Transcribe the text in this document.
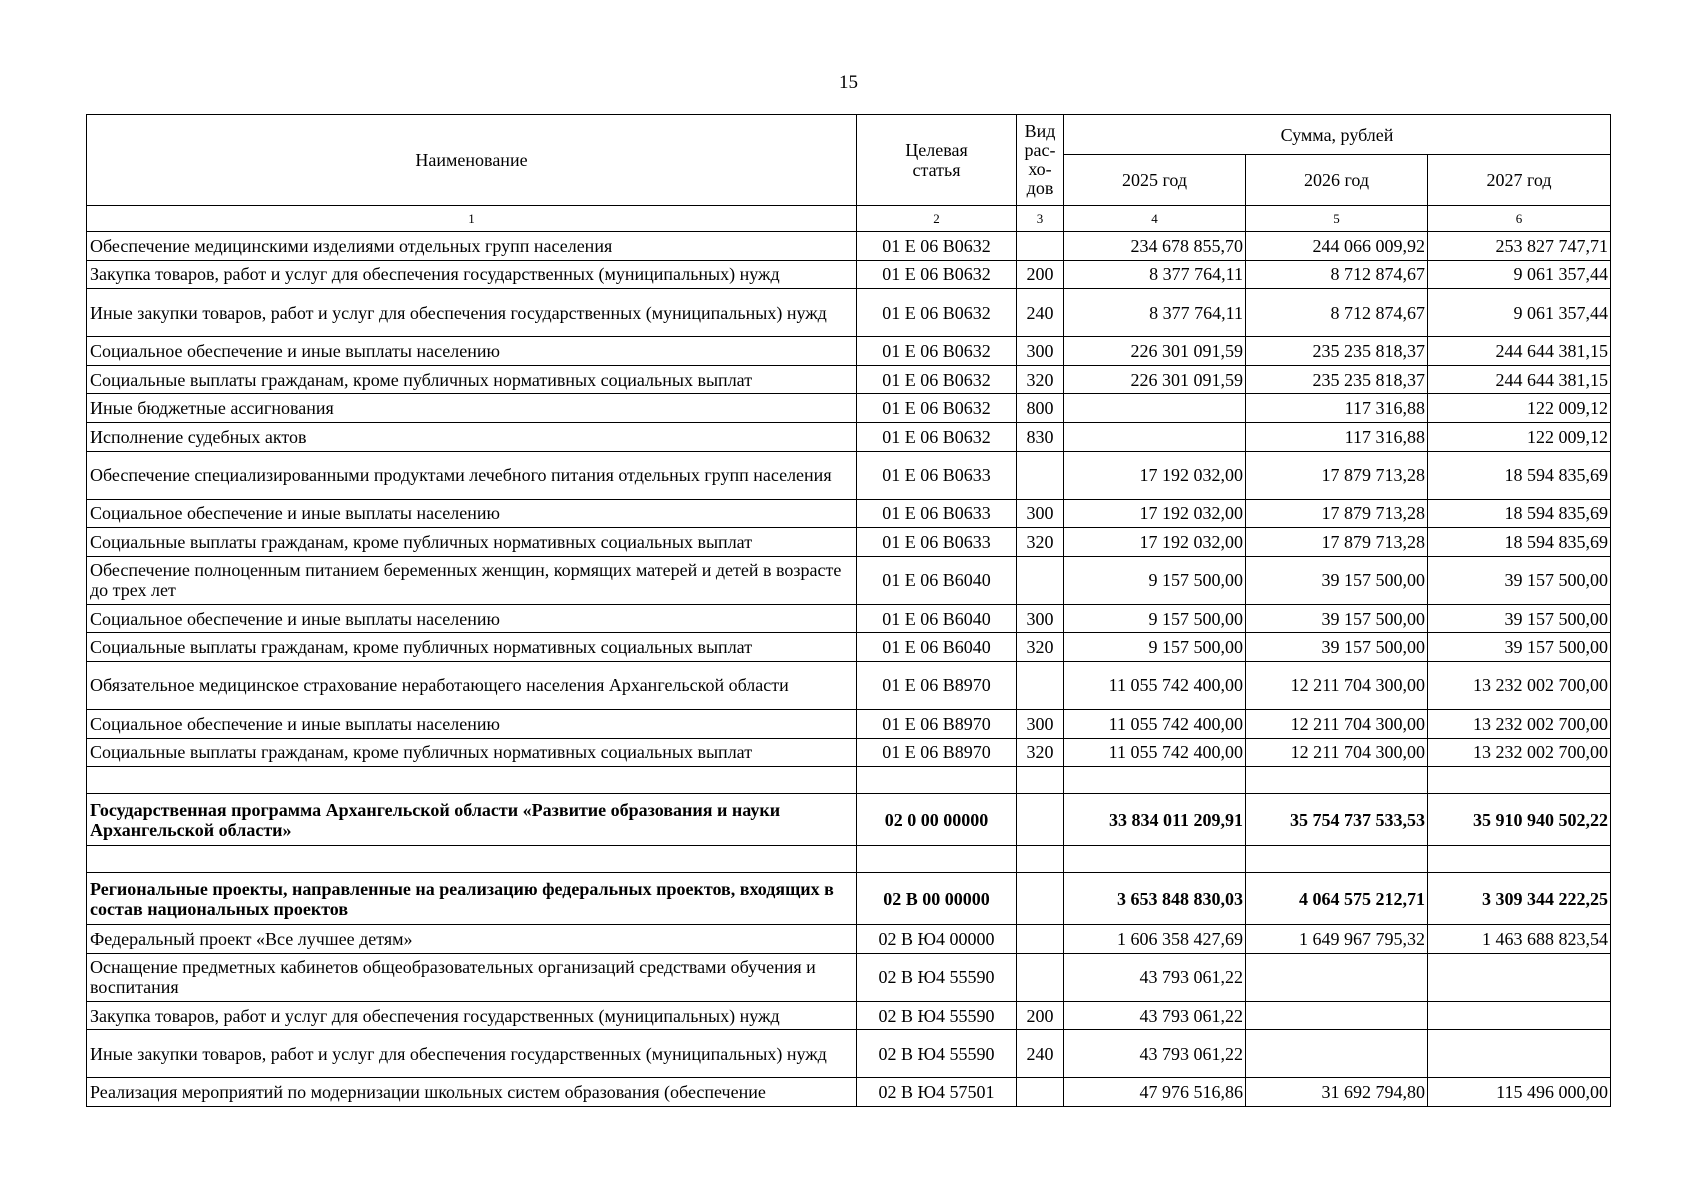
15
Наименование	Целевая статья	Вид рас-хо-дов	Сумма, рублей		
			2025 год	2026 год	2027 год
1	2	3	4	5	6
Обеспечение медицинскими изделиями отдельных групп населения	01 Е 06 В0632		234 678 855,70	244 066 009,92	253 827 747,71
Закупка товаров, работ и услуг для обеспечения государственных (муниципальных) нужд	01 Е 06 В0632	200	8 377 764,11	8 712 874,67	9 061 357,44
Иные закупки товаров, работ и услуг для обеспечения государственных (муниципальных) нужд	01 Е 06 В0632	240	8 377 764,11	8 712 874,67	9 061 357,44
Социальное обеспечение и иные выплаты населению	01 Е 06 В0632	300	226 301 091,59	235 235 818,37	244 644 381,15
Социальные выплаты гражданам, кроме публичных нормативных социальных выплат	01 Е 06 В0632	320	226 301 091,59	235 235 818,37	244 644 381,15
Иные бюджетные ассигнования	01 Е 06 В0632	800		117 316,88	122 009,12
Исполнение судебных актов	01 Е 06 В0632	830		117 316,88	122 009,12
Обеспечение специализированными продуктами лечебного питания отдельных групп населения	01 Е 06 В0633		17 192 032,00	17 879 713,28	18 594 835,69
Социальное обеспечение и иные выплаты населению	01 Е 06 В0633	300	17 192 032,00	17 879 713,28	18 594 835,69
Социальные выплаты гражданам, кроме публичных нормативных социальных выплат	01 Е 06 В0633	320	17 192 032,00	17 879 713,28	18 594 835,69
Обеспечение полноценным питанием беременных женщин, кормящих матерей и детей в возрасте до трех лет	01 Е 06 В6040		9 157 500,00	39 157 500,00	39 157 500,00
Социальное обеспечение и иные выплаты населению	01 Е 06 В6040	300	9 157 500,00	39 157 500,00	39 157 500,00
Социальные выплаты гражданам, кроме публичных нормативных социальных выплат	01 Е 06 В6040	320	9 157 500,00	39 157 500,00	39 157 500,00
Обязательное медицинское страхование неработающего населения Архангельской области	01 Е 06 В8970		11 055 742 400,00	12 211 704 300,00	13 232 002 700,00
Социальное обеспечение и иные выплаты населению	01 Е 06 В8970	300	11 055 742 400,00	12 211 704 300,00	13 232 002 700,00
Социальные выплаты гражданам, кроме публичных нормативных социальных выплат	01 Е 06 В8970	320	11 055 742 400,00	12 211 704 300,00	13 232 002 700,00

Государственная программа Архангельской области «Развитие образования и науки Архангельской области»	02 0 00 00000		33 834 011 209,91	35 754 737 533,53	35 910 940 502,22

Региональные проекты, направленные на реализацию федеральных проектов, входящих в состав национальных проектов	02 В 00 00000		3 653 848 830,03	4 064 575 212,71	3 309 344 222,25
Федеральный проект «Все лучшее детям»	02 В Ю4 00000		1 606 358 427,69	1 649 967 795,32	1 463 688 823,54
Оснащение предметных кабинетов общеобразовательных организаций средствами обучения и воспитания	02 В Ю4 55590		43 793 061,22		
Закупка товаров, работ и услуг для обеспечения государственных (муниципальных) нужд	02 В Ю4 55590	200	43 793 061,22		
Иные закупки товаров, работ и услуг для обеспечения государственных (муниципальных) нужд	02 В Ю4 55590	240	43 793 061,22		
Реализация мероприятий по модернизации школьных систем образования (обеспечение	02 В Ю4 57501		47 976 516,86	31 692 794,80	115 496 000,00
